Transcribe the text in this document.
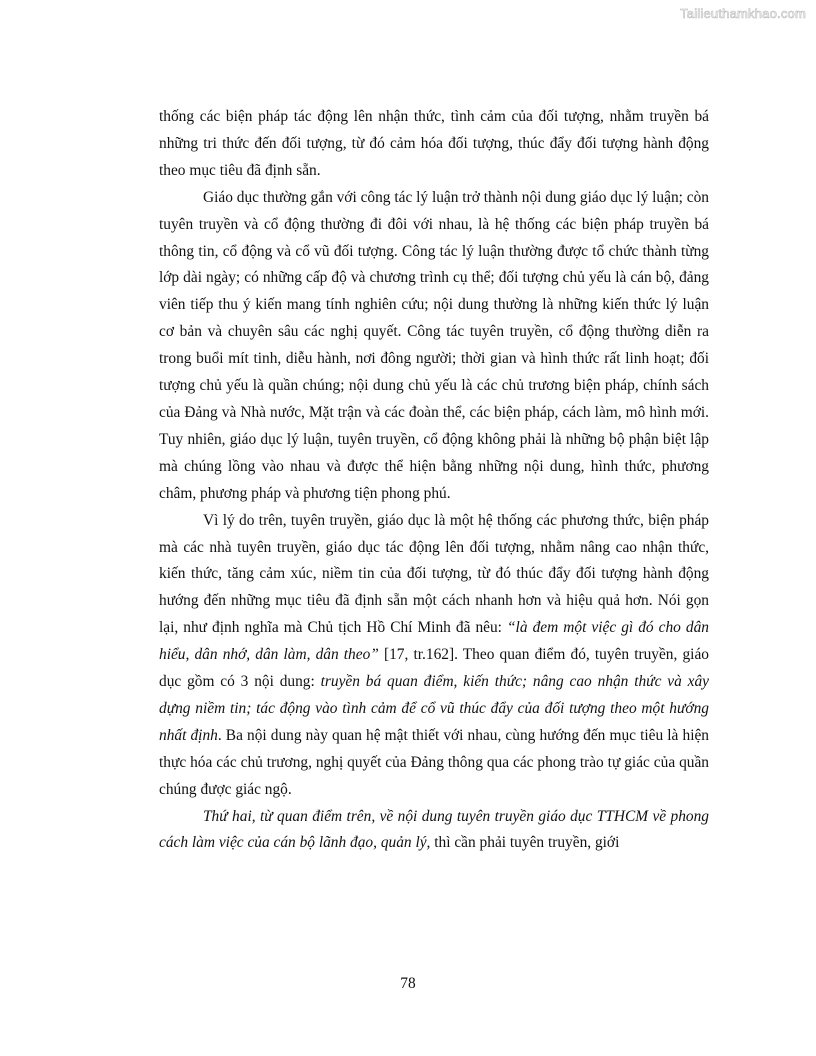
Tailieuthamkhao.com

thống các biện pháp tác động lên nhận thức, tình cảm của đối tượng, nhằm truyền bá những tri thức đến đối tượng, từ đó cảm hóa đối tượng, thúc đẩy đối tượng hành động theo mục tiêu đã định sẵn.

Giáo dục thường gắn với công tác lý luận trở thành nội dung giáo dục lý luận; còn tuyên truyền và cổ động thường đi đôi với nhau, là hệ thống các biện pháp truyền bá thông tin, cổ động và cổ vũ đối tượng. Công tác lý luận thường được tổ chức thành từng lớp dài ngày; có những cấp độ và chương trình cụ thể; đối tượng chủ yếu là cán bộ, đảng viên tiếp thu ý kiến mang tính nghiên cứu; nội dung thường là những kiến thức lý luận cơ bản và chuyên sâu các nghị quyết. Công tác tuyên truyền, cổ động thường diễn ra trong buổi mít tinh, diễu hành, nơi đông người; thời gian và hình thức rất linh hoạt; đối tượng chủ yếu là quần chúng; nội dung chủ yếu là các chủ trương biện pháp, chính sách của Đảng và Nhà nước, Mặt trận và các đoàn thể, các biện pháp, cách làm, mô hình mới. Tuy nhiên, giáo dục lý luận, tuyên truyền, cổ động không phải là những bộ phận biệt lập mà chúng lồng vào nhau và được thể hiện bằng những nội dung, hình thức, phương châm, phương pháp và phương tiện phong phú.

Vì lý do trên, tuyên truyền, giáo dục là một hệ thống các phương thức, biện pháp mà các nhà tuyên truyền, giáo dục tác động lên đối tượng, nhằm nâng cao nhận thức, kiến thức, tăng cảm xúc, niềm tin của đối tượng, từ đó thúc đẩy đối tượng hành động hướng đến những mục tiêu đã định sẵn một cách nhanh hơn và hiệu quả hơn. Nói gọn lại, như định nghĩa mà Chủ tịch Hồ Chí Minh đã nêu: “là đem một việc gì đó cho dân hiểu, dân nhớ, dân làm, dân theo” [17, tr.162]. Theo quan điểm đó, tuyên truyền, giáo dục gồm có 3 nội dung: truyền bá quan điểm, kiến thức; nâng cao nhận thức và xây dựng niềm tin; tác động vào tình cảm để cổ vũ thúc đẩy của đối tượng theo một hướng nhất định. Ba nội dung này quan hệ mật thiết với nhau, cùng hướng đến mục tiêu là hiện thực hóa các chủ trương, nghị quyết của Đảng thông qua các phong trào tự giác của quần chúng được giác ngộ.

Thứ hai, từ quan điểm trên, về nội dung tuyên truyền giáo dục TTHCM về phong cách làm việc của cán bộ lãnh đạo, quản lý, thì cần phải tuyên truyền, giới

78
